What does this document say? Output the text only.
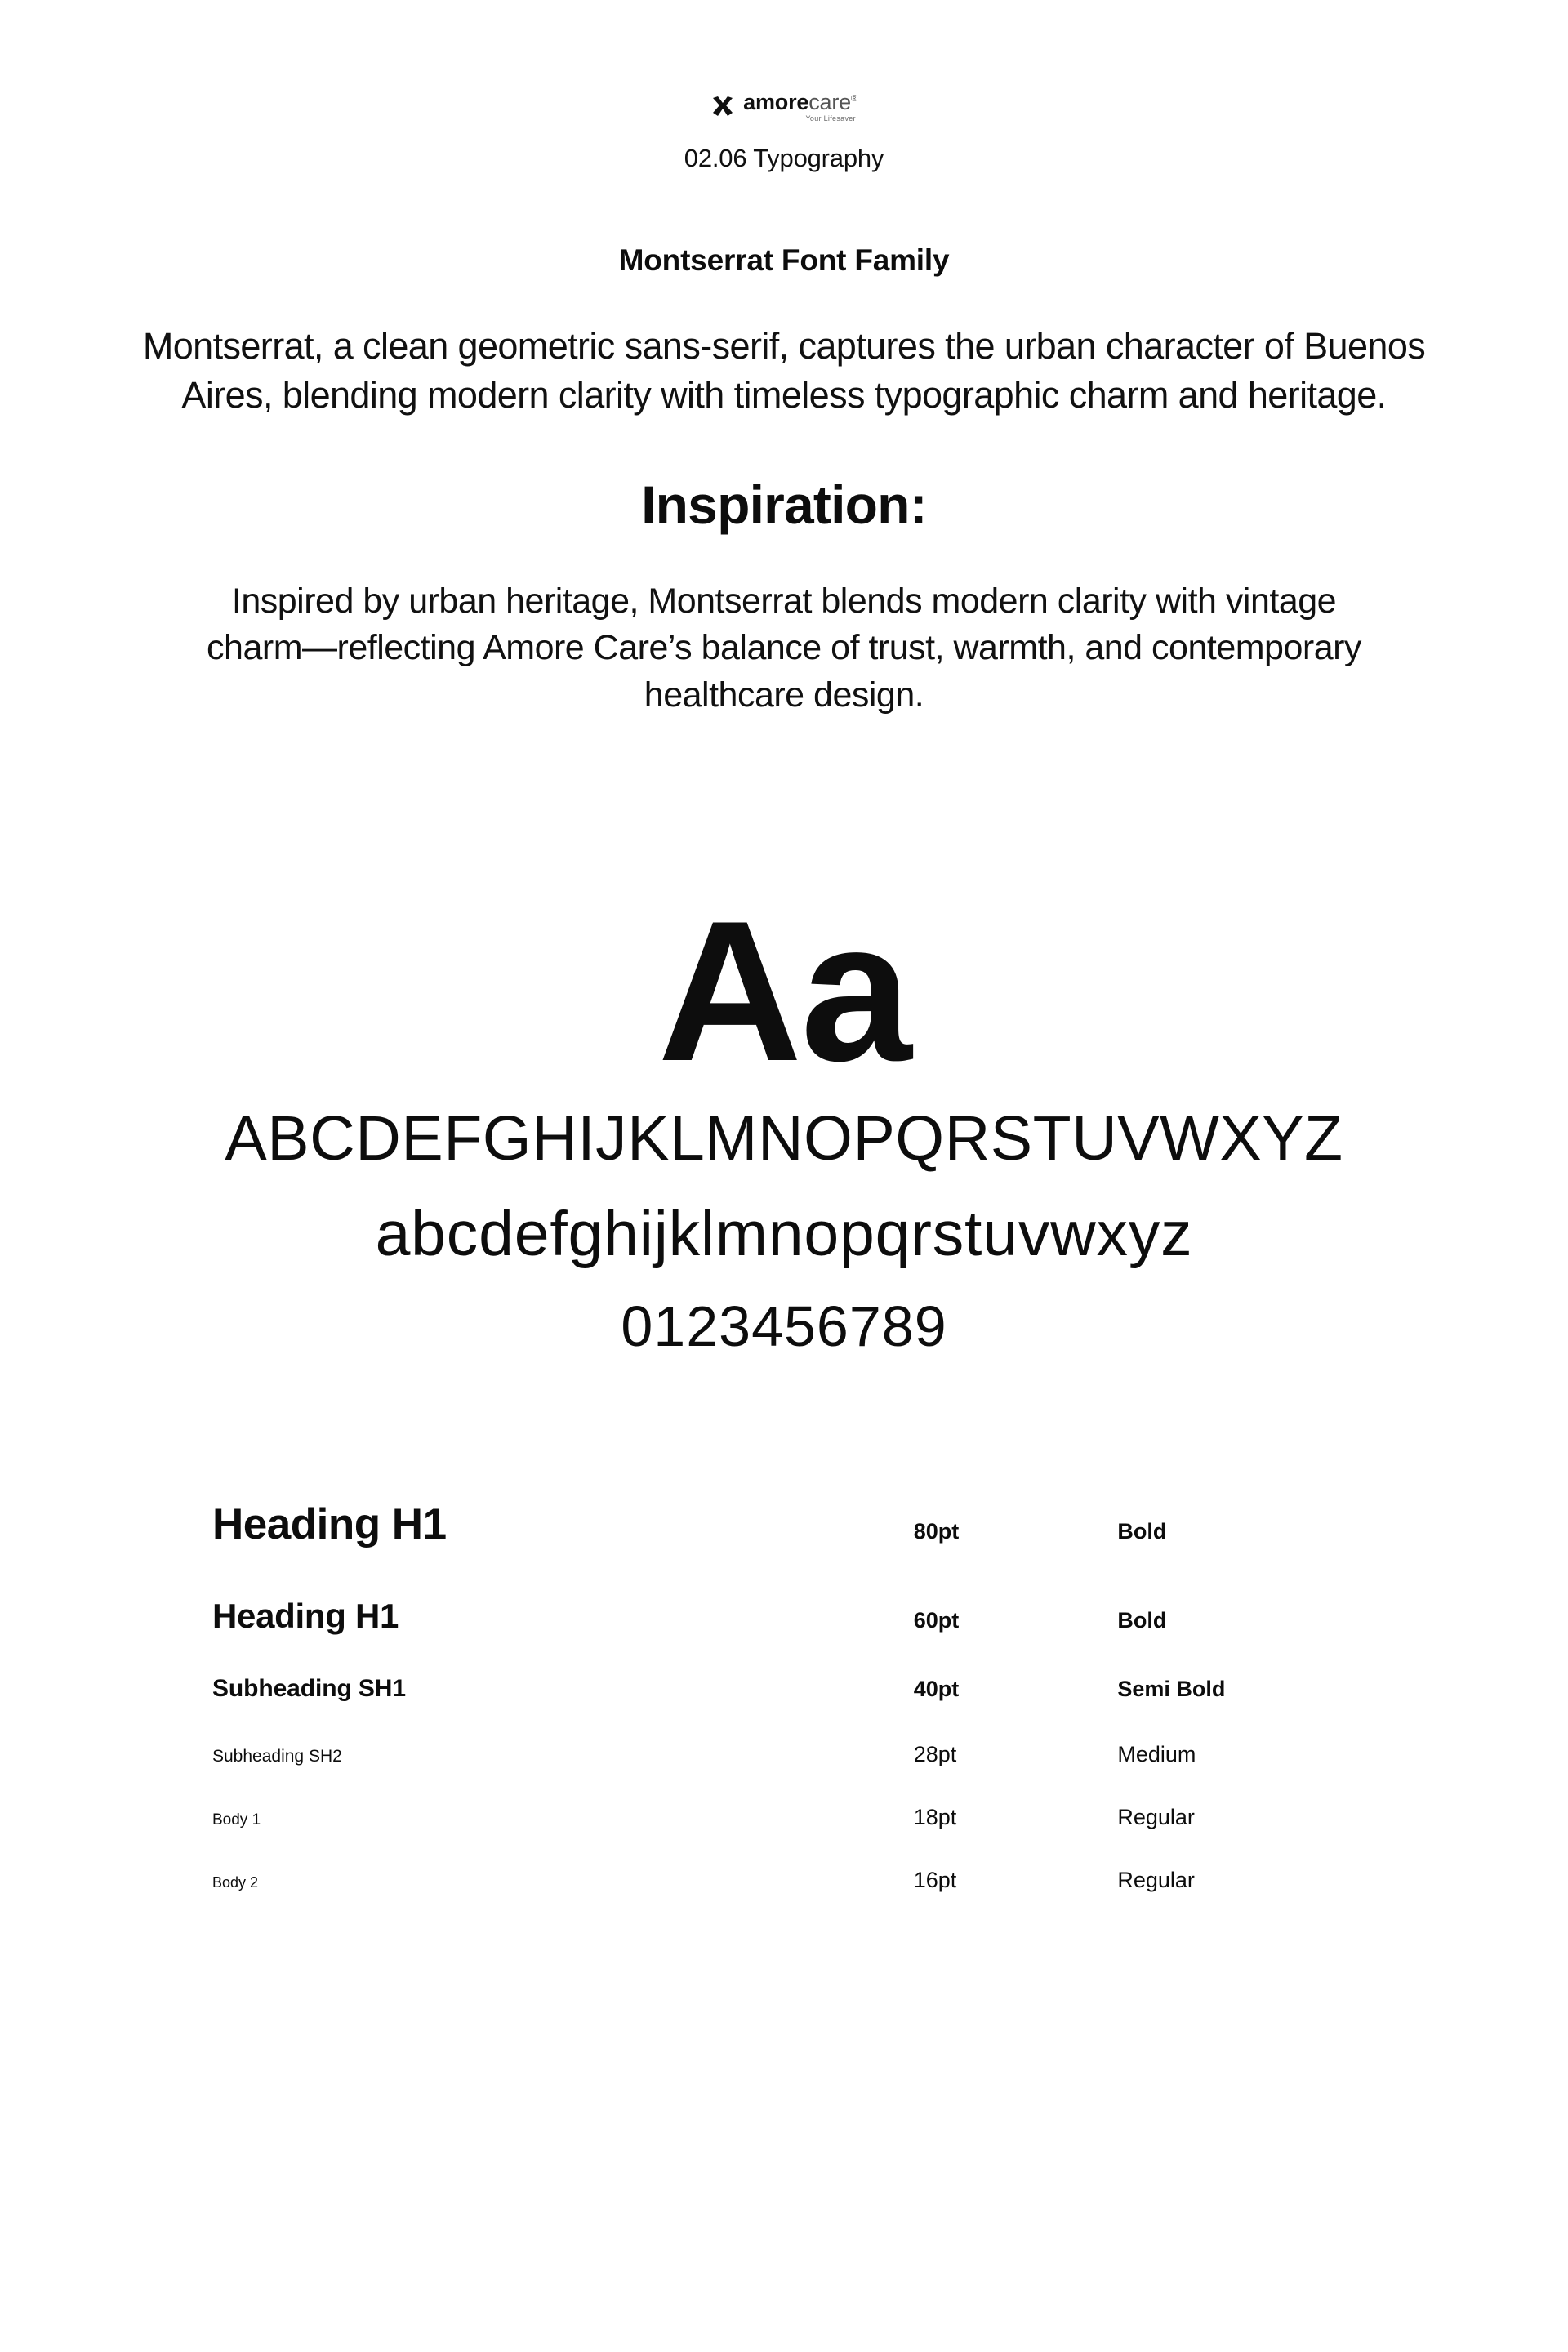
amorecare®
Your Lifesaver
02.06 Typography
Montserrat Font Family

Montserrat, a clean geometric sans-serif, captures the urban character of Buenos Aires, blending modern clarity with timeless typographic charm and heritage.

Inspiration:

Inspired by urban heritage, Montserrat blends modern clarity with vintage charm—reflecting Amore Care’s balance of trust, warmth, and contemporary healthcare design.

Aa
ABCDEFGHIJKLMNOPQRSTUVWXYZ
abcdefghijklmnopqrstuvwxyz
0123456789
Heading H1	80pt	Bold
Heading H1	60pt	Bold
Subheading SH1	40pt	Semi Bold
Subheading SH2	28pt	Medium
Body 1	18pt	Regular
Body 2	16pt	Regular
